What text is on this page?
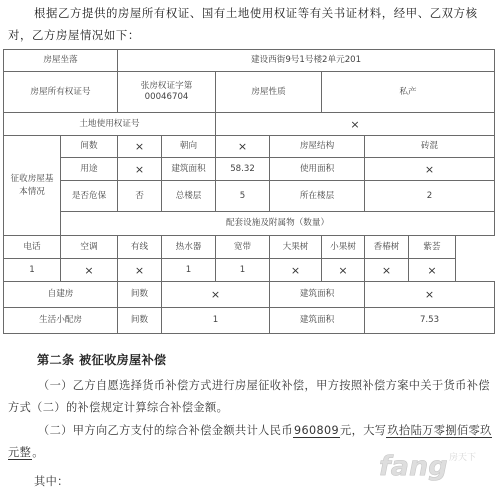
根据乙方提供的房屋所有权证、国有土地使用权证等有关书证材料，经甲、乙双方核对，乙方房屋情况如下：
房屋坐落		建设西街9号1号楼2单元201						
房屋所有权证号		张房权证字第00046704		房屋性质		私产		
土地使用权证号				×				
征收房屋基本情况	间数	×	朝向	×	房屋结构		砖混	
	用途	×	建筑面积	58.32	使用面积		×	
	是否危保	否	总楼层	5	所在楼层		2	
	配套设施及附属物（数量）							
电话	空调	有线	热水器	宽带	大果树	小果树	香椿树	紫荟
1	×	×	1	1	×	×	×	×
自建房		间数	×		建筑面积		×	
生活小配房		间数	1		建筑面积		7.53	
第二条 被征收房屋补偿
（一）乙方自愿选择货币补偿方式进行房屋征收补偿，甲方按照补偿方案中关于货币补偿方式（二）的补偿规定计算综合补偿金额。
（二）甲方向乙方支付的综合补偿金额共计人民币960809元，大写玖拾陆万零捌佰零玖元整。
其中：	fang 房天下
